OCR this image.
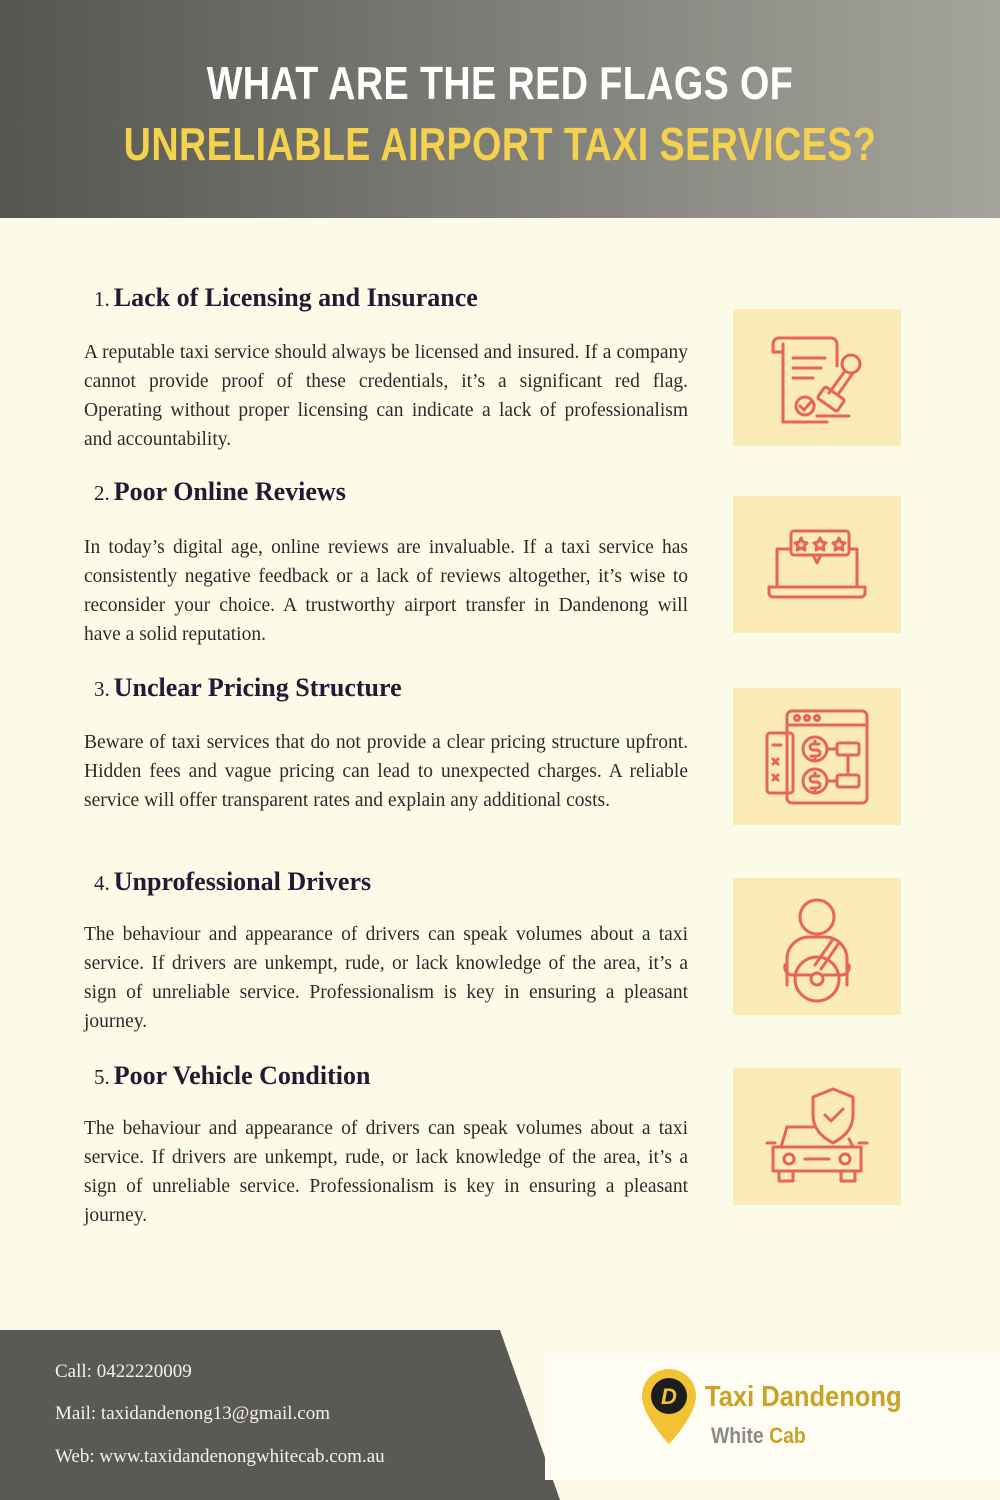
WHAT ARE THE RED FLAGS OF
UNRELIABLE AIRPORT TAXI SERVICES?
1. Lack of Licensing and Insurance

A reputable taxi service should always be licensed and insured. If a company cannot provide proof of these credentials, it’s a significant red flag. Operating without proper licensing can indicate a lack of professionalism and accountability.

2. Poor Online Reviews

In today’s digital age, online reviews are invaluable. If a taxi service has consistently negative feedback or a lack of reviews altogether, it’s wise to reconsider your choice. A trustworthy airport transfer in Dandenong will have a solid reputation.

3. Unclear Pricing Structure

Beware of taxi services that do not provide a clear pricing structure upfront. Hidden fees and vague pricing can lead to unexpected charges. A reliable service will offer transparent rates and explain any additional costs.

4. Unprofessional Drivers

The behaviour and appearance of drivers can speak volumes about a taxi service. If drivers are unkempt, rude, or lack knowledge of the area, it’s a sign of unreliable service. Professionalism is key in ensuring a pleasant journey.

5. Poor Vehicle Condition

The behaviour and appearance of drivers can speak volumes about a taxi service. If drivers are unkempt, rude, or lack knowledge of the area, it’s a sign of unreliable service. Professionalism is key in ensuring a pleasant journey.

Call: 0422220009

Mail: taxidandenong13@gmail.com

Web: www.taxidandenongwhitecab.com.au

D Taxi Dandenong

White Cab
